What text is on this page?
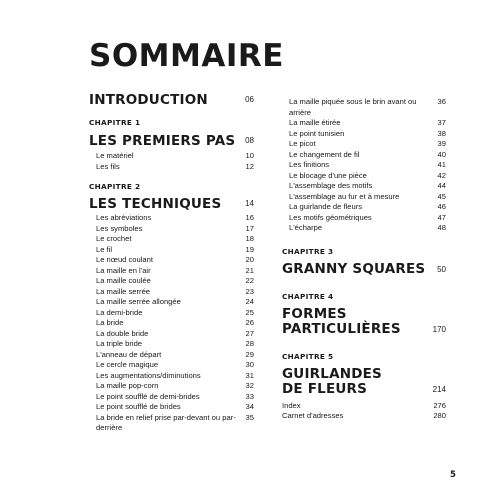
SOMMAIRE
INTRODUCTION	06
CHAPITRE 1
LES PREMIERS PAS 08
Le matériel	10
Les fils	12
CHAPITRE 2
LES TECHNIQUES	14
Les abréviations	16
Les symboles	17
Le crochet	18
Le fil	19
Le nœud coulant	20
La maille en l'air	21
La maille coulée	22
La maille serrée	23
La maille serrée allongée	24
La demi-bride	25
La bride	26
La double bride	27
La triple bride	28
L'anneau de départ	29
Le cercle magique	30
Les augmentations/diminutions	31
La maille pop-corn	32
Le point soufflé de demi-brides	33
Le point soufflé de brides	34
La bride en relief prise par-devant ou par-derrière
35
La maille piquée sous le brin avant ou arrière
36
La maille étirée	37
Le point tunisien	38
Le picot	39
Le changement de fil	40
Les finitions	41
Le blocage d'une pièce	42
L'assemblage des motifs	44
L'assemblage au fur et à mesure	45
La guirlande de fleurs	46
Les motifs géométriques	47
L'écharpe	48
CHAPITRE 3
GRANNY SQUARES 50
CHAPITRE 4
FORMES PARTICULIÈRES	170
CHAPITRE 5
GUIRLANDES DE FLEURS	214
Index	276
Carnet d'adresses	280
5
